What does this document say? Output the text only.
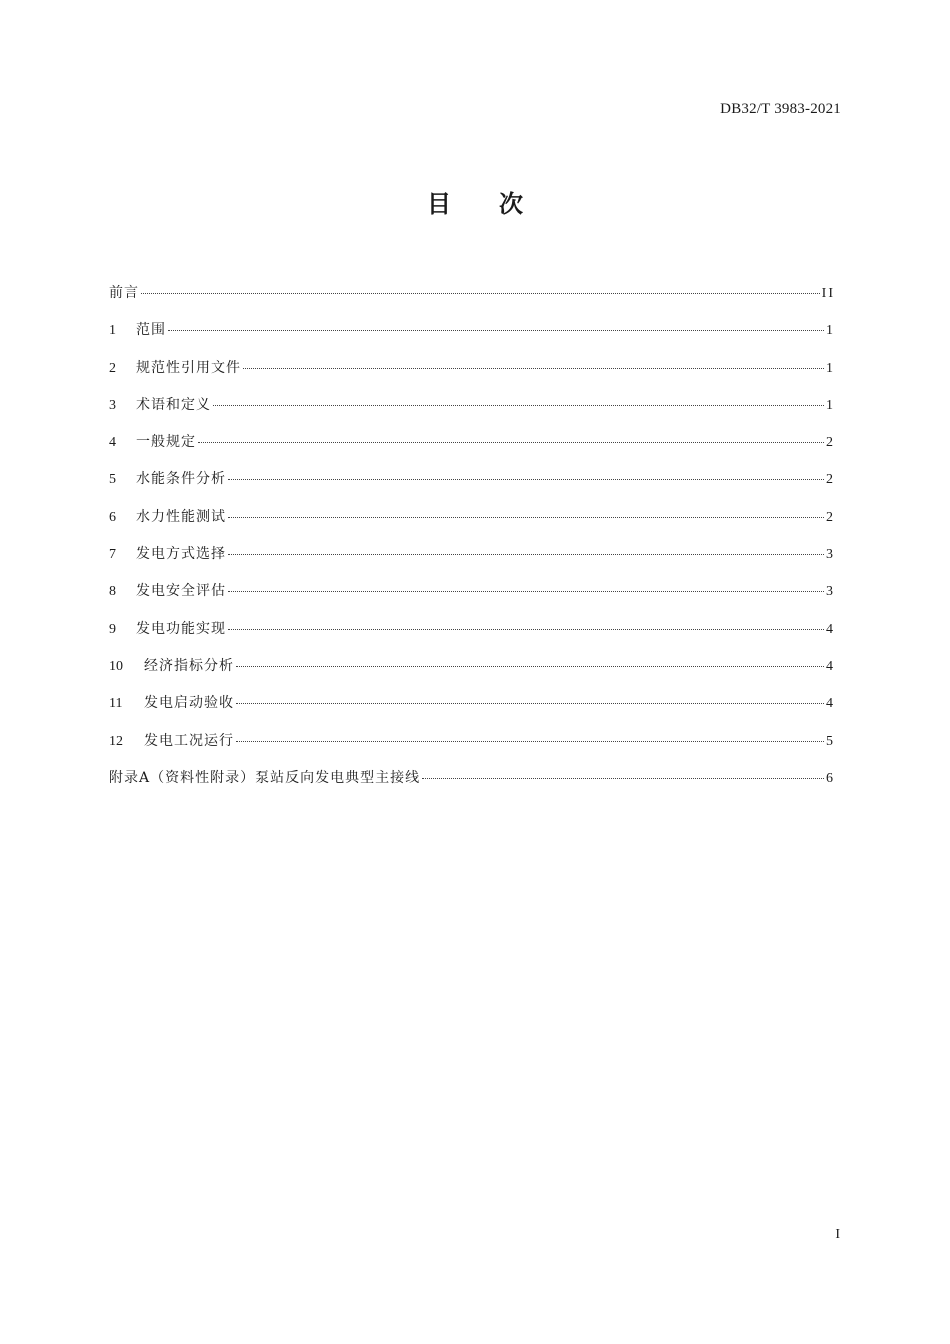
DB32/T 3983-2021
目次
前言	II
1	范围	1
2	规范性引用文件	1
3	术语和定义	1
4	一般规定	2
5	水能条件分析	2
6	水力性能测试	2
7	发电方式选择	3
8	发电安全评估	3
9	发电功能实现	4
10	经济指标分析	4
11	发电启动验收	4
12	发电工况运行	5
附录A（资料性附录）泵站反向发电典型主接线	6
I
